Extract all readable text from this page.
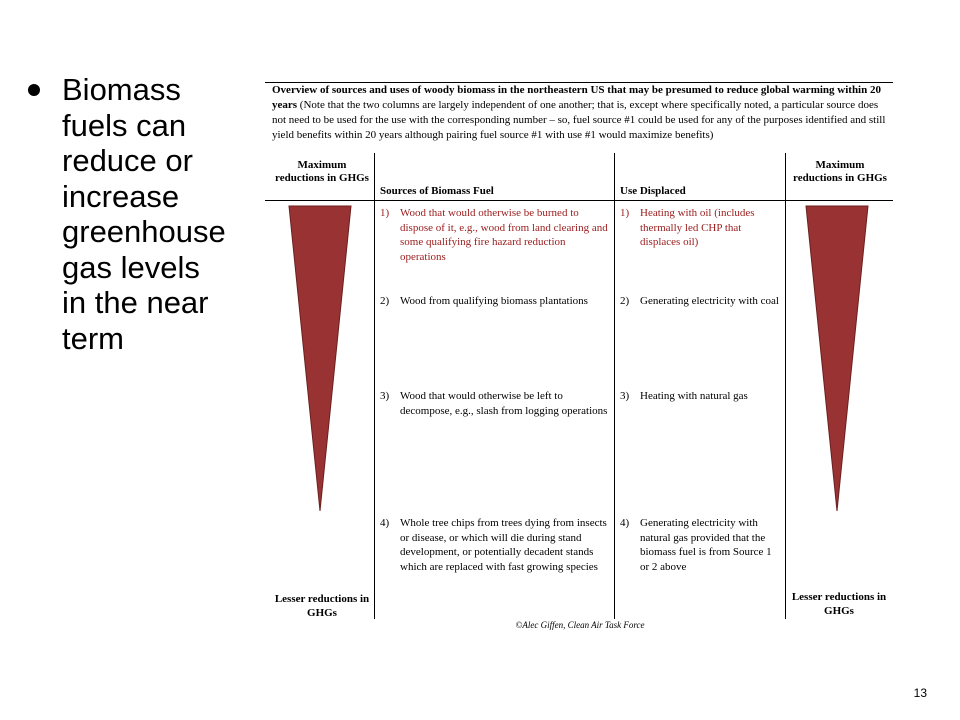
Biomass
fuels can
reduce or
increase
greenhouse
gas levels
in the near
term
Overview of sources and uses of woody biomass in the northeastern US that may be presumed to reduce global warming within 20 years (Note that the two columns are largely independent of one another; that is, except where specifically noted, a particular source does not need to be used for the use with the corresponding number – so, fuel source #1 could be used for any of the purposes identified and still yield benefits within 20 years although pairing fuel source #1 with use #1 would maximize benefits)
Maximum reductions in GHGs
Sources of Biomass Fuel	Use Displaced
Maximum reductions in GHGs
1) Wood that would otherwise be burned to dispose of it, e.g., wood from land clearing and some qualifying fire hazard reduction operations
2) Wood from qualifying biomass plantations
3) Wood that would otherwise be left to decompose, e.g., slash from logging operations
4) Whole tree chips from trees dying from insects or disease, or which will die during stand development, or potentially decadent stands which are replaced with fast growing species
1) Heating with oil (includes thermally led CHP that displaces oil)
2) Generating electricity with coal
3) Heating with natural gas
4) Generating electricity with natural gas provided that the biomass fuel is from Source 1 or 2 above
Lesser reductions in GHGs
Lesser reductions in GHGs
©Alec Giffen, Clean Air Task Force
13
